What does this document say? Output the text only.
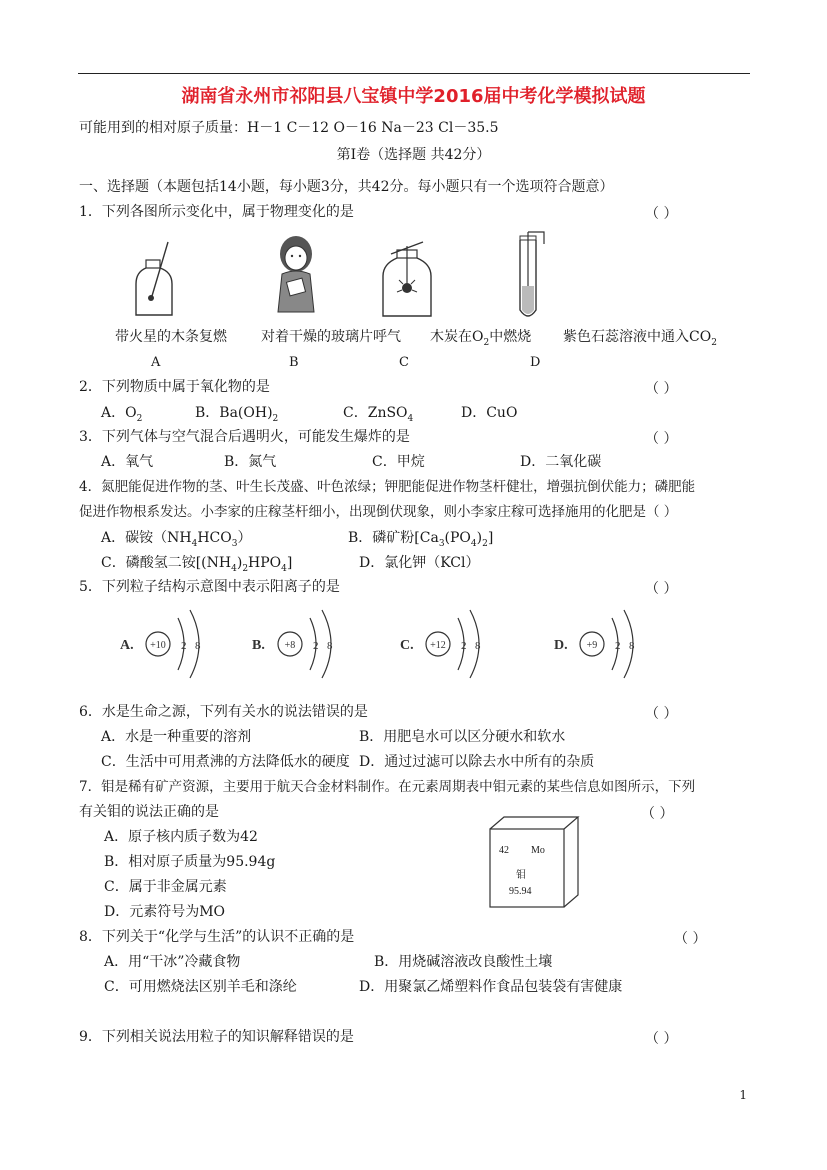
湖南省永州市祁阳县八宝镇中学2016届中考化学模拟试题
可能用到的相对原子质量：H－1 C－12 O－16 Na－23 Cl－35.5
第Ⅰ卷（选择题 共42分）
一、选择题（本题包括14小题，每小题3分，共42分。每小题只有一个选项符合题意）
1．下列各图所示变化中，属于物理变化的是	（ ）
带火星的木条复燃 对着干燥的玻璃片呼气 木炭在$O_2$中燃烧 紫色石蕊溶液中通入$CO_2$
A	B	C	D
2．下列物质中属于氧化物的是	（ ）
A．$O_2$	B．$Ba(OH)_2$	C．ZnSO$_4$	D．CuO
3．下列气体与空气混合后遇明火，可能发生爆炸的是	（ ）
A．氧气	B．氮气	C．甲烷	D．二氧化碳
4．氮肥能促进作物的茎、叶生长茂盛、叶色浓绿；钾肥能促进作物茎杆健壮，增强抗倒伏能力；磷肥能
促进作物根系发达。小李家的庄稼茎杆细小，出现倒伏现象，则小李家庄稼可选择施用的化肥是（ ）
A．碳铵$(NH_4HCO_3)$	B．磷矿粉$[Ca_3(PO_4)_2]$
C．磷酸氢二铵$[(NH_4)_2HPO_4]$	D．氯化钾（KCl）
5．下列粒子结构示意图中表示阳离子的是	（ ）
A. +10 2 8	B. +8 2 8	C. +12 2 8	D. +9 2 8
6．水是生命之源，下列有关水的说法错误的是	（ ）
A．水是一种重要的溶剂	B．用肥皂水可以区分硬水和软水
C．生活中可用煮沸的方法降低水的硬度 D．通过过滤可以除去水中所有的杂质
7．钼是稀有矿产资源，主要用于航天合金材料制作。在元素周期表中钼元素的某些信息如图所示，下列
有关钼的说法正确的是	（ ）
A．原子核内质子数为42
B．相对原子质量为95.94g
C．属于非金属元素
D．元素符号为MO
42 Mo
钼
95.94
8．下列关于“化学与生活”的认识不正确的是	（ ）
A．用“干冰”冷藏食物	B．用烧碱溶液改良酸性土壤
C．可用燃烧法区别羊毛和涤纶	D．用聚氯乙烯塑料作食品包装袋有害健康
9．下列相关说法用粒子的知识解释错误的是	（ ）
1
